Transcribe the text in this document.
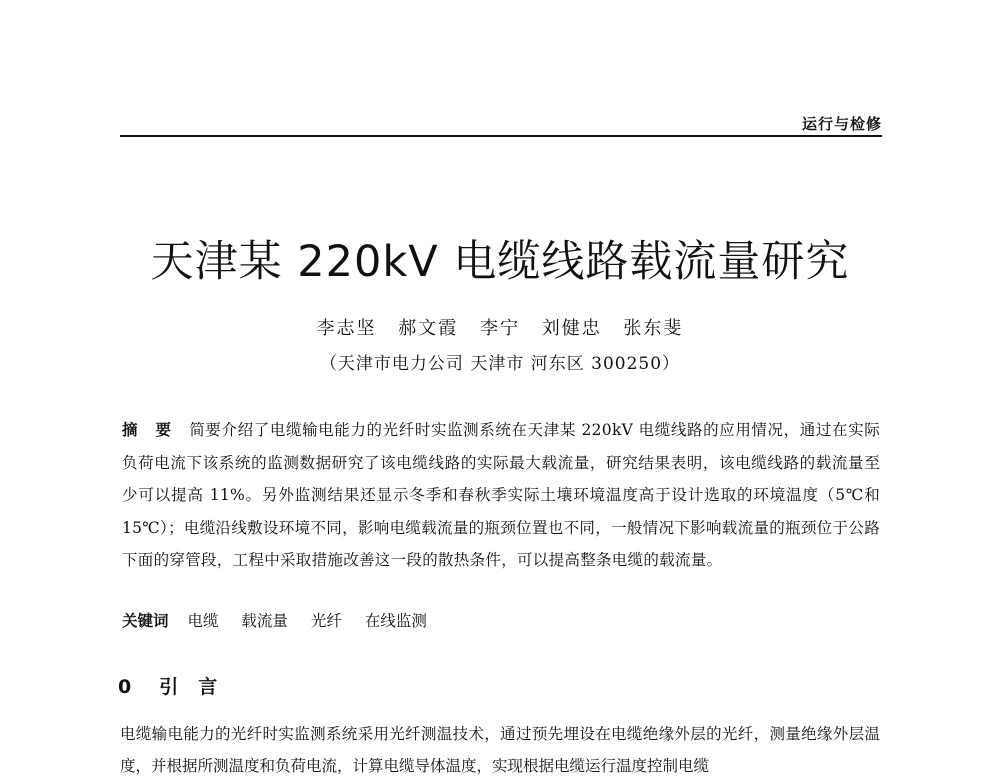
运行与检修
天津某 220kV 电缆线路载流量研究
李志坚 郝文霞 李宁 刘健忠 张东斐
（天津市电力公司 天津市 河东区 300250）
摘 要 简要介绍了电缆输电能力的光纤时实监测系统在天津某 220kV 电缆线路的应用情况，通过在实际负荷电流下该系统的监测数据研究了该电缆线路的实际最大载流量，研究结果表明，该电缆线路的载流量至少可以提高 11%。另外监测结果还显示冬季和春秋季实际土壤环境温度高于设计选取的环境温度（5℃和 15℃）；电缆沿线敷设环境不同，影响电缆载流量的瓶颈位置也不同，一般情况下影响载流量的瓶颈位于公路下面的穿管段，工程中采取措施改善这一段的散热条件，可以提高整条电缆的载流量。
关键词 电缆 载流量 光纤 在线监测
0 引言
电缆输电能力的光纤时实监测系统采用光纤测温技术，通过预先埋设在电缆绝缘外层的光纤，测量绝缘外层温度，并根据所测温度和负荷电流，计算电缆导体温度，实现根据电缆运行温度控制电缆
